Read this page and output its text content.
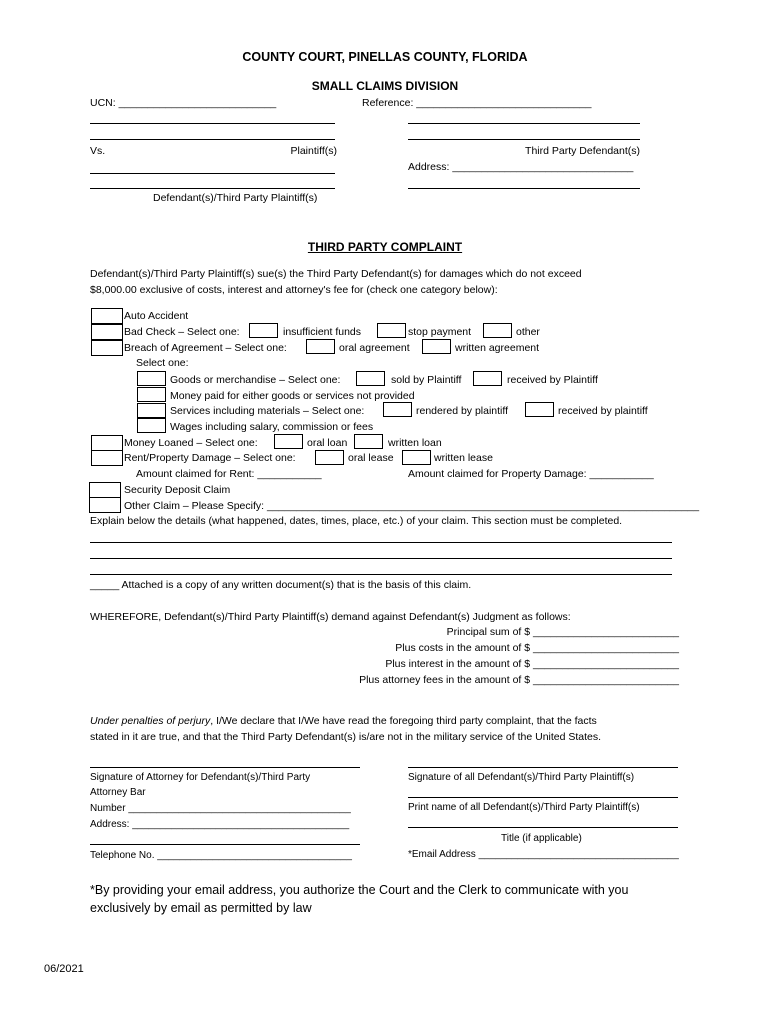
COUNTY COURT, PINELLAS COUNTY, FLORIDA
SMALL CLAIMS DIVISION
UCN: ___________________________	Reference: ______________________________
Vs.	Plaintiff(s)
Defendant(s)/Third Party Plaintiff(s)
Third Party Defendant(s)
Address: _______________________________
THIRD PARTY COMPLAINT
Defendant(s)/Third Party Plaintiff(s) sue(s) the Third Party Defendant(s) for damages which do not exceed
$8,000.00 exclusive of costs, interest and attorney's fee for (check one category below):
Auto Accident
Bad Check – Select one:	insufficient funds	stop payment	other
Breach of Agreement – Select one:	oral agreement	written agreement
Select one:
Goods or merchandise – Select one:	sold by Plaintiff	received by Plaintiff
Money paid for either goods or services not provided
Services including materials – Select one:	rendered by plaintiff	received by plaintiff
Wages including salary, commission or fees
Money Loaned – Select one:	oral loan	written loan
Rent/Property Damage – Select one:	oral lease	written lease
Amount claimed for Rent: ___________	Amount claimed for Property Damage: ___________
Security Deposit Claim
Other Claim – Please Specify: __________________________________________________________________________
Explain below the details (what happened, dates, times, place, etc.) of your claim. This section must be completed.
_____ Attached is a copy of any written document(s) that is the basis of this claim.
WHEREFORE, Defendant(s)/Third Party Plaintiff(s) demand against Defendant(s) Judgment as follows:
Principal sum of $ _________________________
Plus costs in the amount of $ _________________________
Plus interest in the amount of $ _________________________
Plus attorney fees in the amount of $ _________________________
Under penalties of perjury, I/We declare that I/We have read the foregoing third party complaint, that the facts
stated in it are true, and that the Third Party Defendant(s) is/are not in the military service of the United States.
Signature of Attorney for Defendant(s)/Third Party
Attorney Bar
Number ________________________________________
Address: _______________________________________
Telephone No. ___________________________________
Signature of all Defendant(s)/Third Party Plaintiff(s)
Print name of all Defendant(s)/Third Party Plaintiff(s)
Title (if applicable)
*Email Address ____________________________________
*By providing your email address, you authorize the Court and the Clerk to communicate with you
exclusively by email as permitted by law
06/2021
